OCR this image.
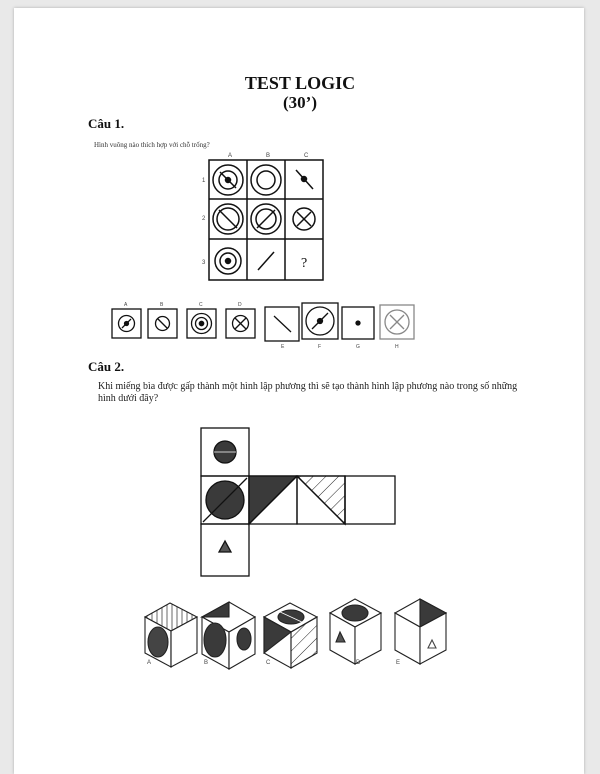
TEST LOGIC
(30’)
Câu 1.
Hình vuông nào thích hợp với chỗ trống?
Câu 2.
Khi miếng bìa được gấp thành một hình lập phương thì sẽ tạo thành hình lập phương nào trong số những hình dưới đây?
A	B	C
1
2
3	?
A	B	C	D
E	F	G	H
A	B	C	D	E
